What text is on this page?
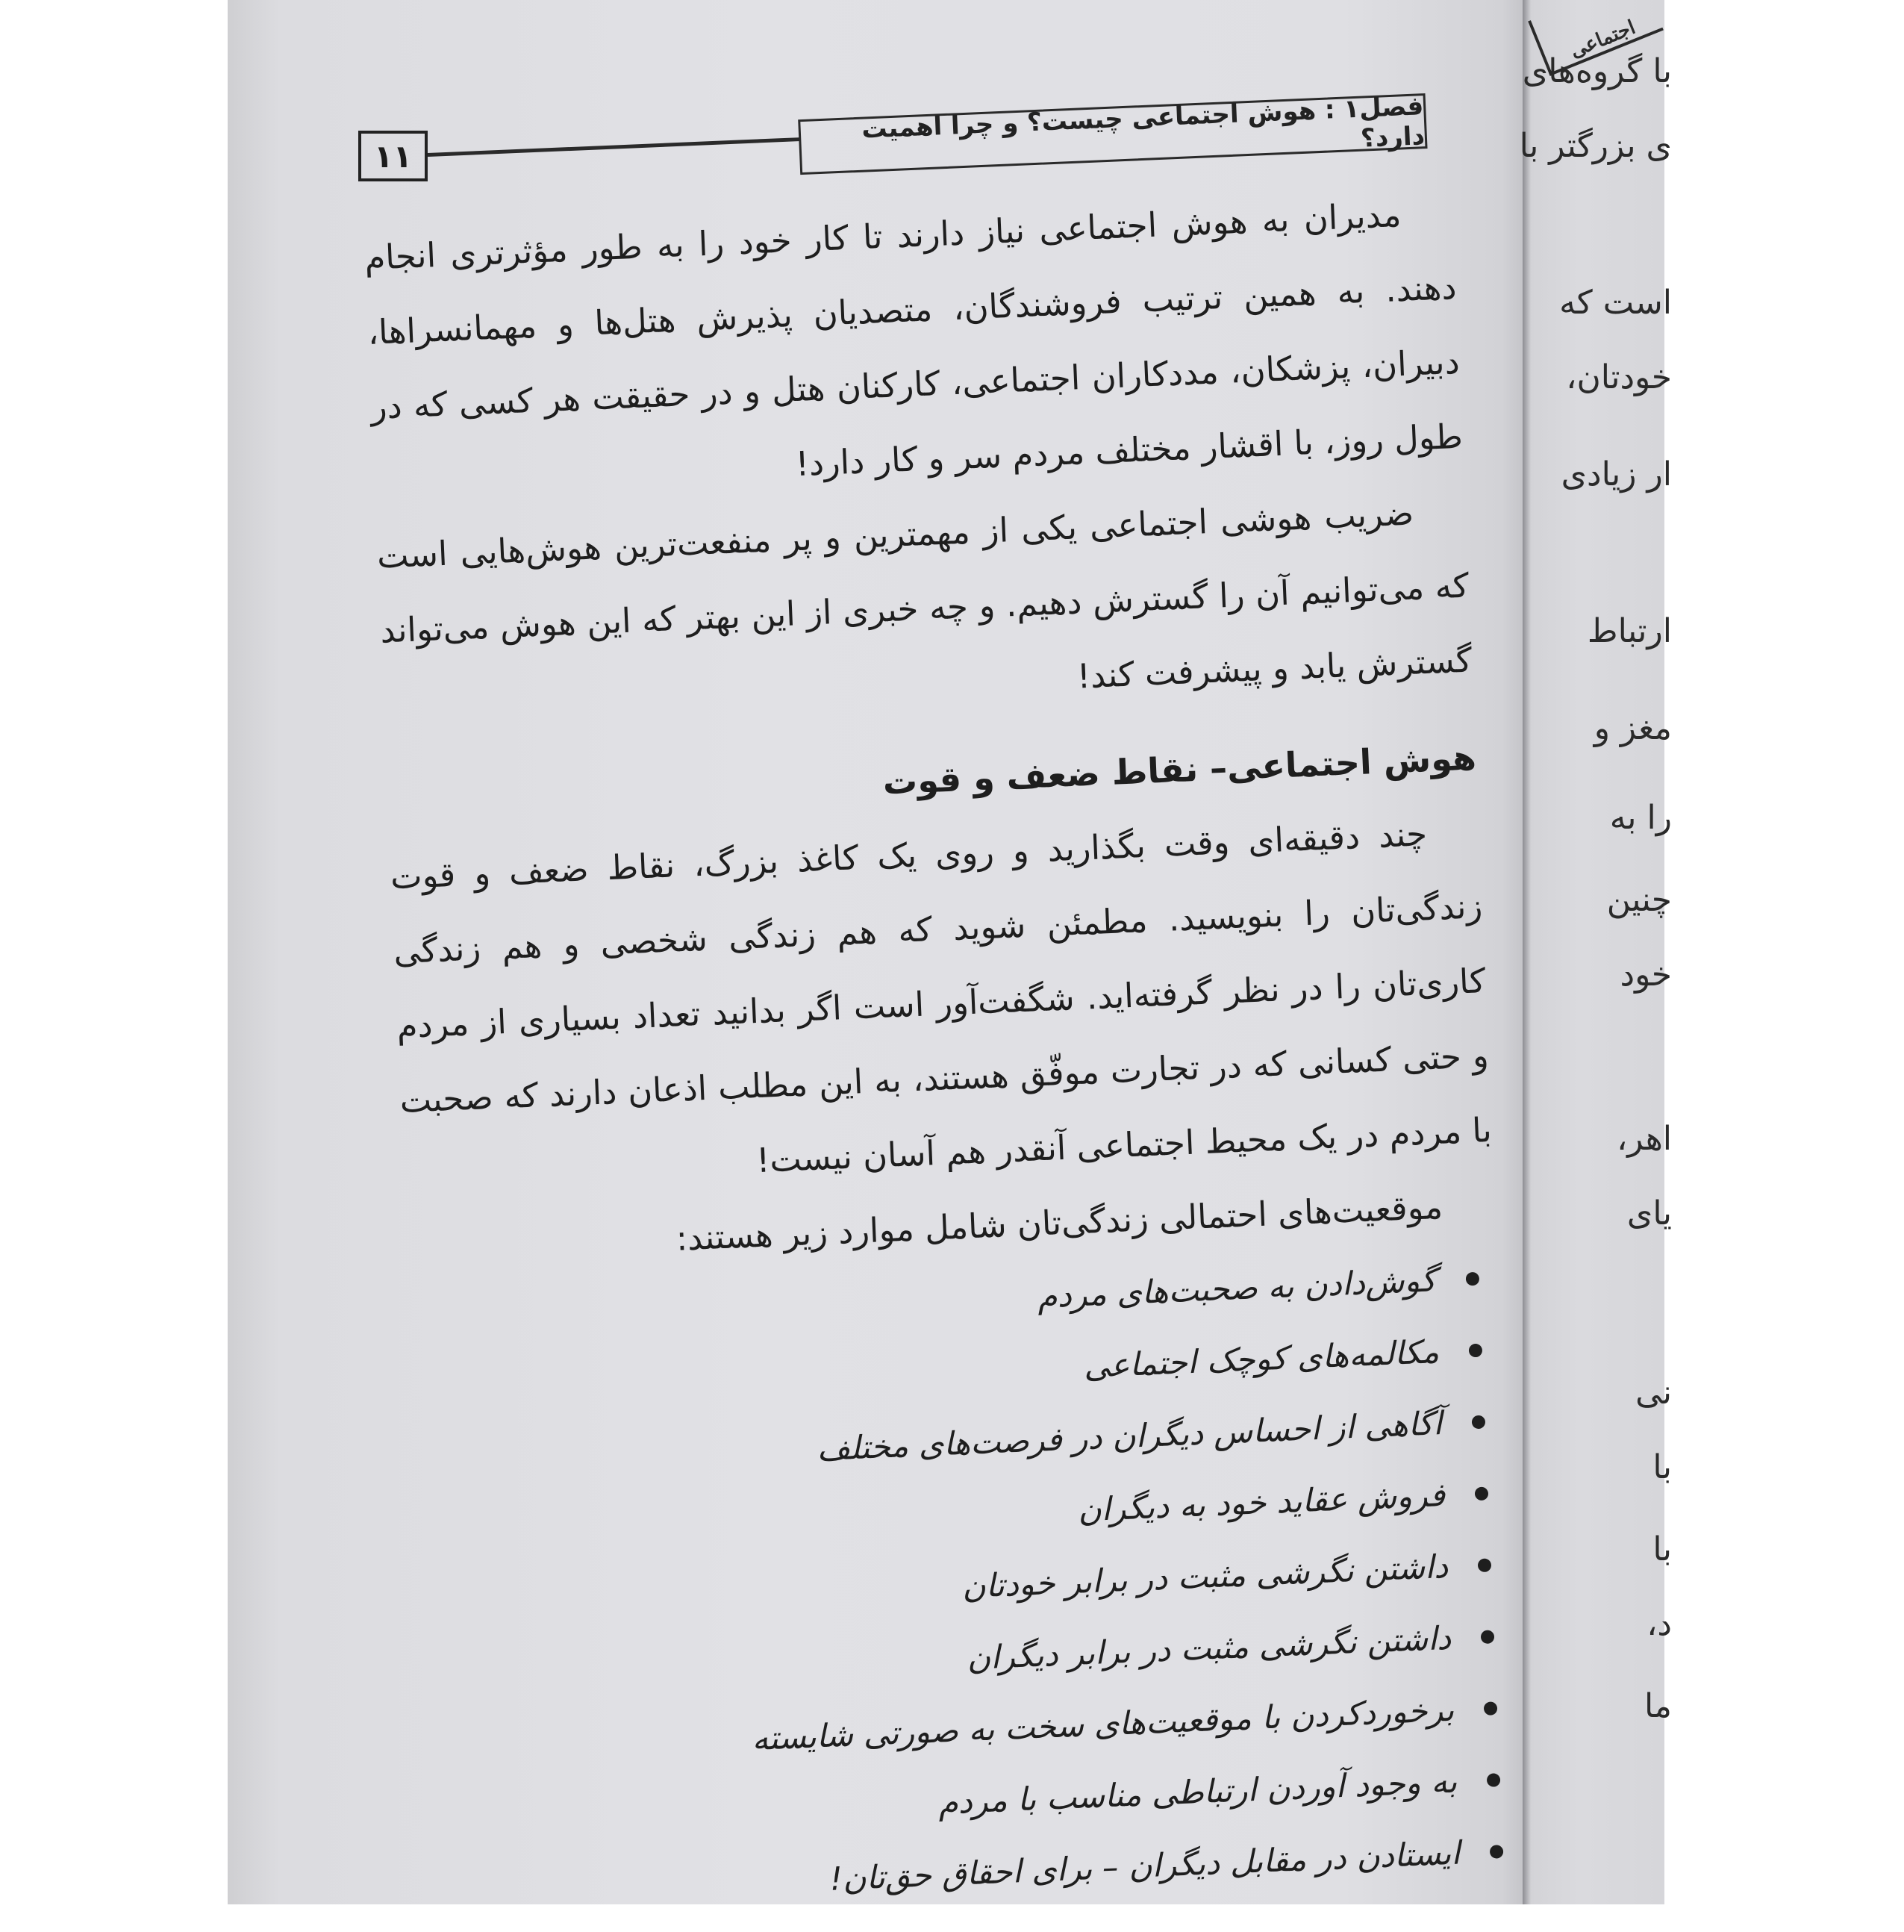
۱۱
فصل۱ : هوش اجتماعی چیست؟ و چرا اهمیت دارد؟

مدیران به هوش اجتماعی نیاز دارند تا کار خود را به طور مؤثرتری انجام دهند. به همین ترتیب فروشندگان، متصدیان پذیرش هتل‌ها و مهمانسراها، دبیران، پزشکان، مددکاران اجتماعی، کارکنان هتل و در حقیقت هر کسی که در طول روز، با اقشار مختلف مردم سر و کار دارد!

ضریب هوشی اجتماعی یکی از مهمترین و پر منفعت‌ترین هوش‌هایی است که می‌توانیم آن را گسترش دهیم. و چه خبری از این بهتر که این هوش می‌تواند گسترش یابد و پیشرفت کند!

هوش اجتماعی– نقاط ضعف و قوت

چند دقیقه‌ای وقت بگذارید و روی یک کاغذ بزرگ، نقاط ضعف و قوت زندگی‌تان را بنویسید. مطمئن شوید که هم زندگی شخصی و هم زندگی کاری‌تان را در نظر گرفته‌اید. شگفت‌آور است اگر بدانید تعداد بسیاری از مردم و حتی کسانی که در تجارت موفّق هستند، به این مطلب اذعان دارند که صحبت با مردم در یک محیط اجتماعی آنقدر هم آسان نیست!

موقعیت‌های احتمالی زندگی‌تان شامل موارد زیر هستند:

گوش‌دادن به صحبت‌های مردم
مکالمه‌های کوچک اجتماعی
آگاهی از احساس دیگران در فرصت‌های مختلف
فروش عقاید خود به دیگران
داشتن نگرشی مثبت در برابر خودتان
داشتن نگرشی مثبت در برابر دیگران
برخوردکردن با موقعیت‌های سخت به صورتی شایسته
به وجود آوردن ارتباطی مناسب با مردم
ایستادن در مقابل دیگران – برای احقاق حق‌تان!
اجتماعی
با گروه‌های
ی بزرگتر با
است که
خودتان،
ار زیادی
ارتباط
مغز و
را به
چنین
خود
اهر،
یای
نی
با
با
د،
ما
